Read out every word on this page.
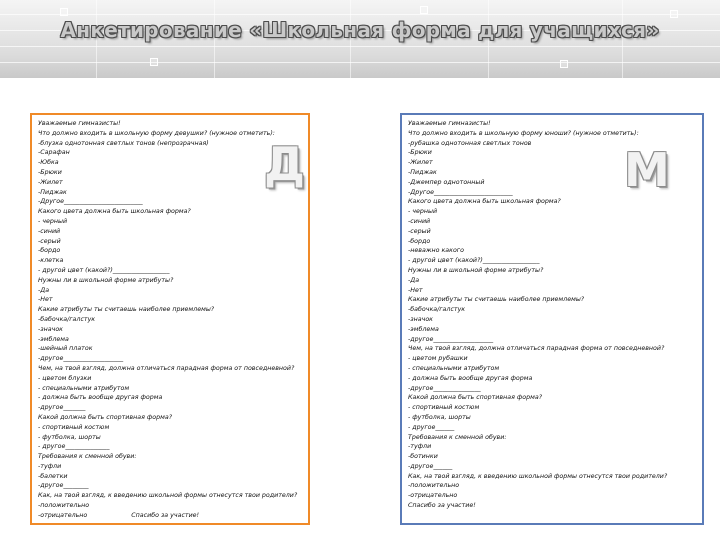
Анкетирование «Школьная форма для учащихся»
Уважаемые гимназисты!
Что должно входить в школьную форму девушки? (нужное отметить):
-блузка однотонная светлых тонов (непрозрачная)
-Сарафан
-Юбка
-Брюки
-Жилет
-Пиджак
-Другое_________________________
Какого цвета должна быть школьная форма?
- черный
-синий
-серый
-бордо
-клетка
- другой цвет (какой?)__________________
Нужны ли в школьной форме атрибуты?
-Да
-Нет
Какие атрибуты ты считаешь наиболее приемлемы?
-бабочка/галстук
-значок
-эмблема
-шейный платок
-другое___________________
Чем, на твой взгляд, должна отличаться парадная форма от повседневной?
- цветом блузки
- специальными атрибутом
- должна быть вообще другая форма
-другое_______
Какой должна быть спортивная форма?
- спортивный костюм
- футболка, шорты
- другое______________
Требования к сменной обуви:
-туфли
-балетки
-другое________
Как, на твой взгляд, к введению школьной формы отнесутся твои родители?
-положительно
-отрицательно	Спасибо за участие!
Д
Уважаемые гимназисты!
Что должно входить в школьную форму юноши? (нужное отметить):
-рубашка однотонная светлых тонов
-Брюки
-Жилет
-Пиджак
-Джемпер однотонный
-Другое_________________________
Какого цвета должна быть школьная форма?
- черный
-синий
-серый
-бордо
-неважно какого
- другой цвет (какой?)__________________
Нужны ли в школьной форме атрибуты?
-Да
-Нет
Какие атрибуты ты считаешь наиболее приемлемы?
-бабочка/галстук
-значок
-эмблема
-другое___________________
Чем, на твой взгляд, должна отличаться парадная форма от повседневной?
- цветом рубашки
- специальными атрибутом
- должна быть вообще другая форма
-другое_______________
Какой должна быть спортивная форма?
- спортивный костюм
- футболка, шорты
- другое______
Требования к сменной обуви:
-туфли
-ботинки
-другое______
Как, на твой взгляд, к введению школьной формы отнесутся твои родители?
-положительно
-отрицательно
Спасибо за участие!
М
